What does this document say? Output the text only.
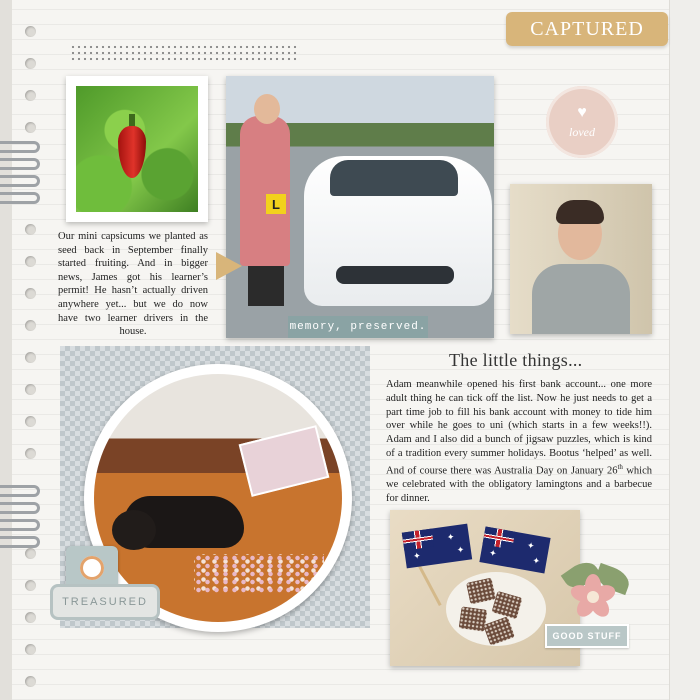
CAPTURED
♥
loved
L
memory, preserved.
Our mini capsicums we planted as seed back in September finally started fruiting. And in bigger news, James got his learner’s permit! He hasn’t actually driven anywhere yet... but we do now have two learner drivers in the house.
The little things...
Adam meanwhile opened his first bank account... one more adult thing he can tick off the list. Now he just needs to get a part time job to fill his bank account with money to tide him over while he goes to uni (which starts in a few weeks!!). Adam and I also did a bunch of jigsaw puzzles, which is kind of a tradition every summer holidays. Bootus ‘helped’ as well. And of course there was Australia Day on January 26th which we celebrated with the obligatory lamingtons and a barbecue for dinner.
TREASURED
✦
✦
✦	✦
✦
✦
GOOD STUFF
